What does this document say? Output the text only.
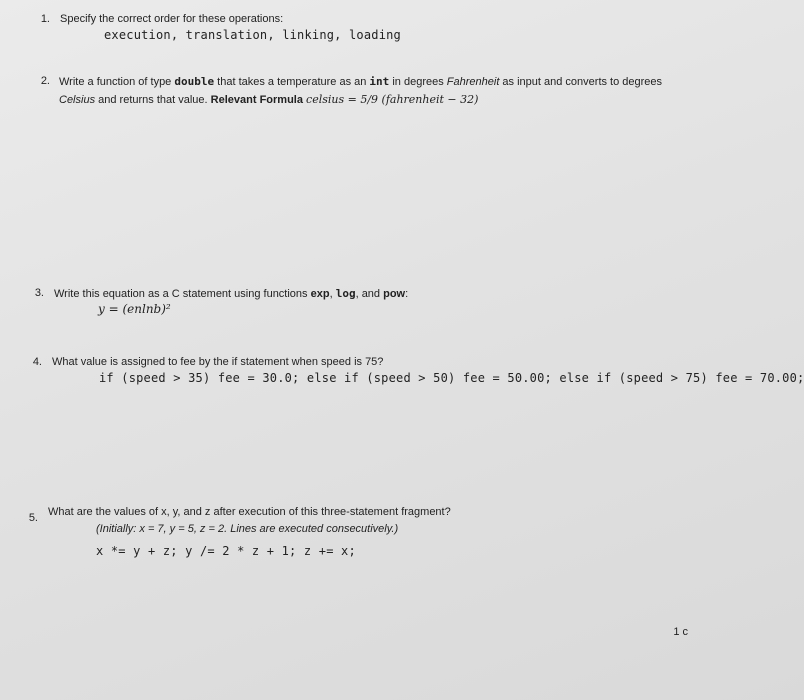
1. Specify the correct order for these operations:
execution, translation, linking, loading
2. Write a function of type double that takes a temperature as an int in degrees Fahrenheit as input and converts to degrees
Celsius and returns that value. Relevant Formula celsius = 5/9 (fahrenheit − 32)
3. Write this equation as a C statement using functions exp, log, and pow:
y = (enlnb)²
4. What value is assigned to fee by the if statement when speed is 75?
if (speed > 35) fee = 30.0; else if (speed > 50) fee = 50.00; else if (speed > 75) fee = 70.00;
5. What are the values of x, y, and z after execution of this three-statement fragment?
(Initially: x = 7, y = 5, z = 2. Lines are executed consecutively.)
x *= y + z; y /= 2 * z + 1; z += x;
1 c
